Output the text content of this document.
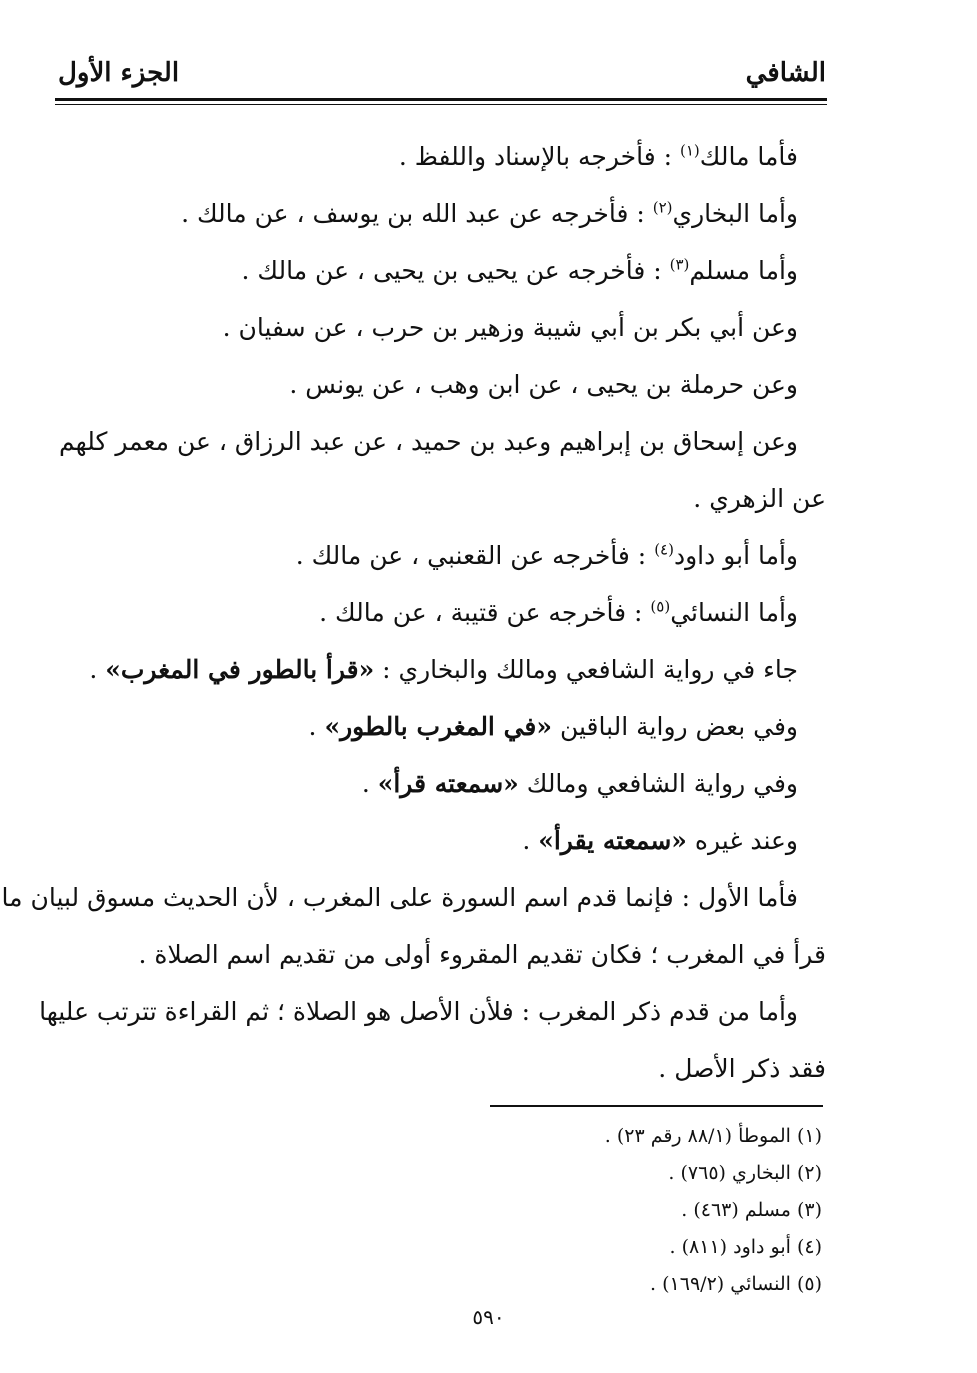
الشافي
الجزء الأول
فأما مالك$^{(١)}$ : فأخرجه بالإسناد واللفظ .
وأما البخاري$^{(٢)}$ : فأخرجه عن عبد الله بن يوسف ، عن مالك .
وأما مسلم$^{(٣)}$ : فأخرجه عن يحيى بن يحيى ، عن مالك .
وعن أبي بكر بن أبي شيبة وزهير بن حرب ، عن سفيان .
وعن حرملة بن يحيى ، عن ابن وهب ، عن يونس .
وعن إسحاق بن إبراهيم وعبد بن حميد ، عن عبد الرزاق ، عن معمر كلهم
عن الزهري .
وأما أبو داود$^{(٤)}$ : فأخرجه عن القعنبي ، عن مالك .
وأما النسائي$^{(٥)}$ : فأخرجه عن قتيبة ، عن مالك .
جاء في رواية الشافعي ومالك والبخاري : «قرأ بالطور في المغرب» .
وفي بعض رواية الباقين «في المغرب بالطور» .
وفي رواية الشافعي ومالك «سمعته قرأ» .
وعند غيره «سمعته يقرأ» .
فأما الأول : فإنما قدم اسم السورة على المغرب ، لأن الحديث مسوق لبيان ما
قرأ في المغرب ؛ فكان تقديم المقروء أولى من تقديم اسم الصلاة .
وأما من قدم ذكر المغرب : فلأن الأصل هو الصلاة ؛ ثم القراءة تترتب عليها
فقد ذكر الأصل .
(١) الموطأ (٨٨/١ رقم ٢٣) .
(٢) البخاري (٧٦٥) .
(٣) مسلم (٤٦٣) .
(٤) أبو داود (٨١١) .
(٥) النسائي (١٦٩/٢) .
٥٩٠
